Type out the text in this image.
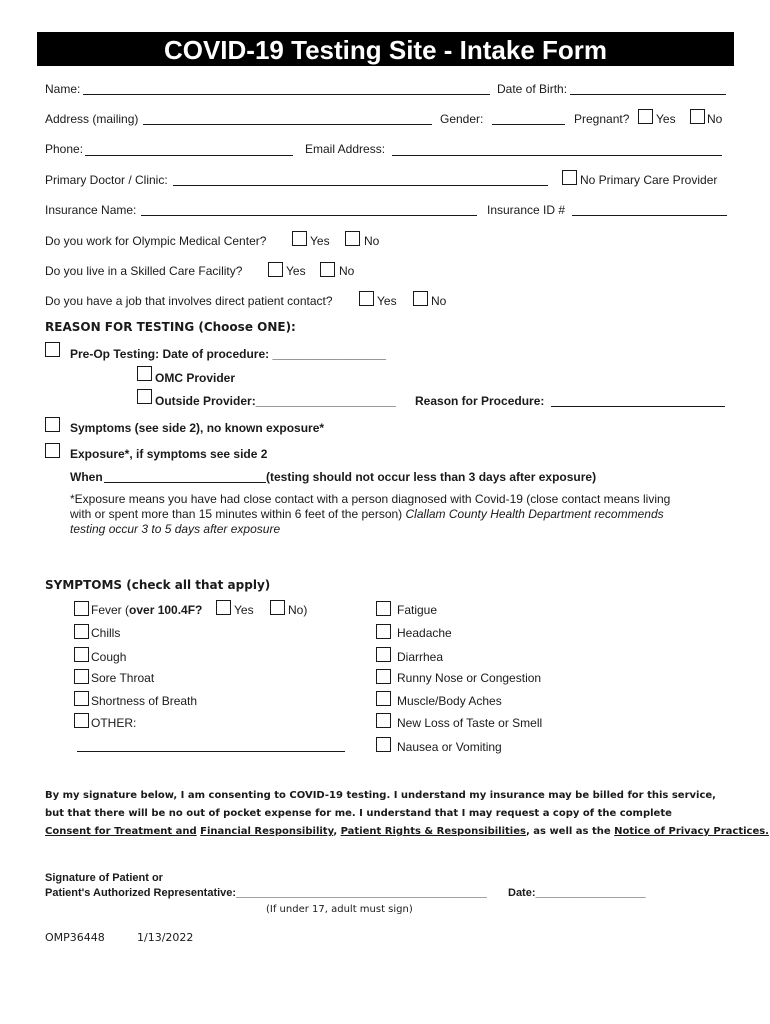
COVID-19 Testing Site - Intake Form
Name:	Date of Birth:
Address (mailing)	Gender:	Pregnant? Yes	No
Phone:	Email Address:
Primary Doctor / Clinic:	No Primary Care Provider
Insurance Name:	Insurance ID #
Do you work for Olympic Medical Center?	Yes	No
Do you live in a Skilled Care Facility?	Yes	No
Do you have a job that involves direct patient contact?	Yes	No
REASON FOR TESTING (Choose ONE):
Pre-Op Testing: Date of procedure: _________________
OMC Provider
Outside Provider:_____________________ Reason for Procedure:
Symptoms (see side 2), no known exposure*
Exposure*, if symptoms see side 2
When	(testing should not occur less than 3 days after exposure)
*Exposure means you have had close contact with a person diagnosed with Covid-19 (close contact means living
with or spent more than 15 minutes within 6 feet of the person) Clallam County Health Department recommends
testing occur 3 to 5 days after exposure
SYMPTOMS (check all that apply)
Fever (over 100.4F?	Yes	No)
Chills
Cough
Sore Throat
Shortness of Breath
OTHER:
Fatigue
Headache
Diarrhea
Runny Nose or Congestion
Muscle/Body Aches
New Loss of Taste or Smell
Nausea or Vomiting
By my signature below, I am consenting to COVID-19 testing. I understand my insurance may be billed for this service,
but that there will be no out of pocket expense for me. I understand that I may request a copy of the complete
Consent for Treatment and Financial Responsibility, Patient Rights & Responsibilities, as well as the Notice of Privacy Practices.
Signature of Patient or
Patient's Authorized Representative:_________________________________________ Date:__________________
(If under 17, adult must sign)
OMP36448	1/13/2022
